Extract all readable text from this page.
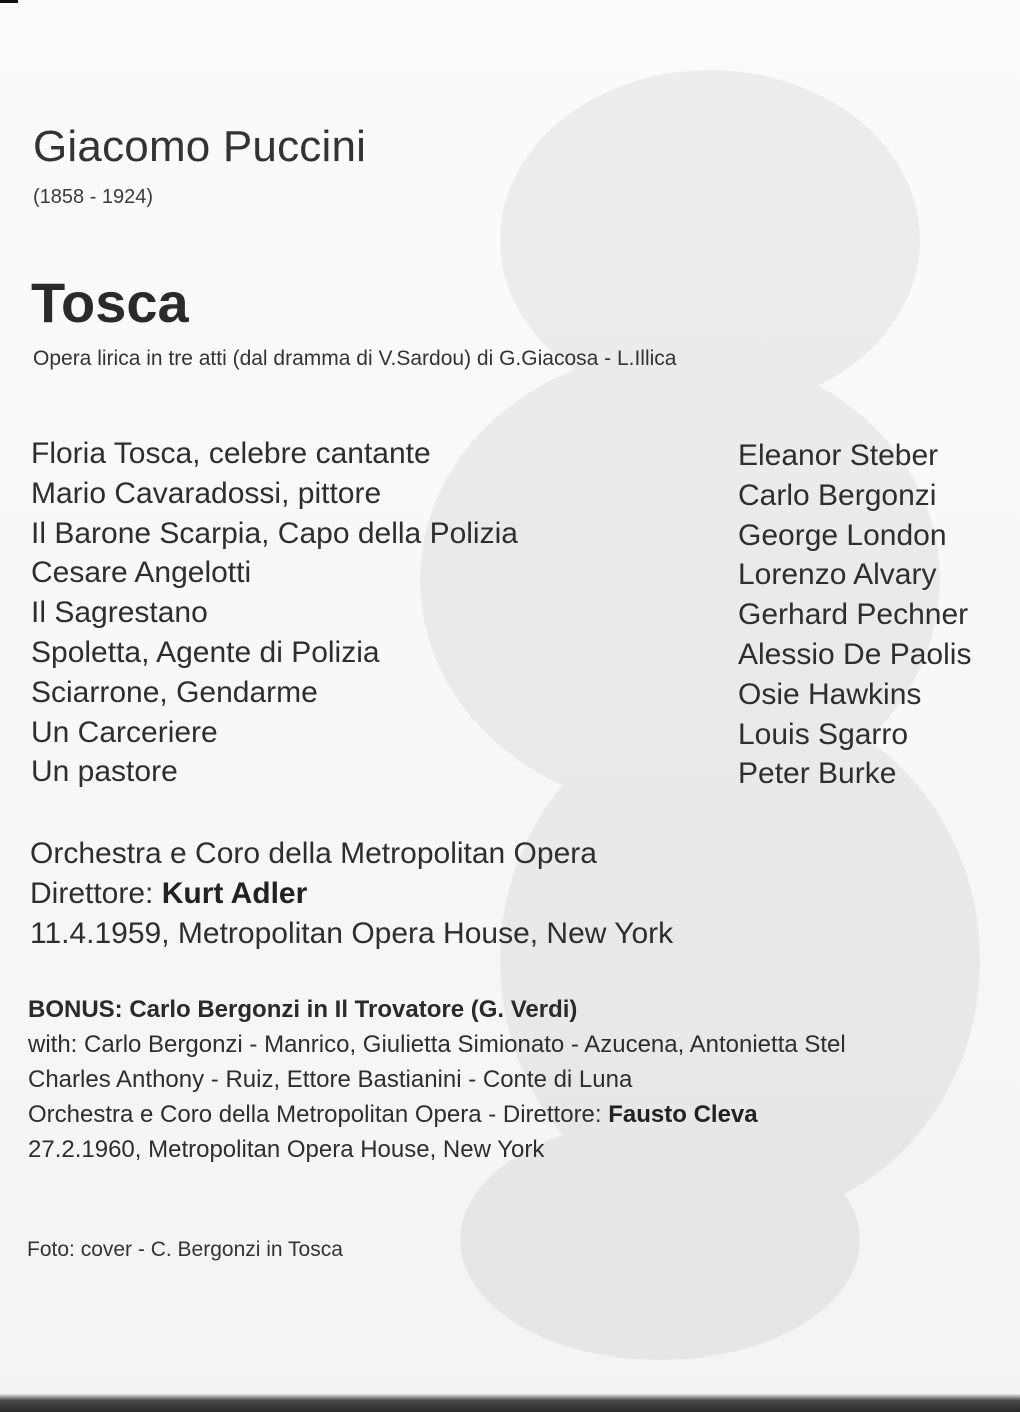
Giacomo Puccini
(1858 - 1924)
Tosca
Opera lirica in tre atti (dal dramma di V.Sardou) di G.Giacosa - L.Illica
Floria Tosca, celebre cantante
Mario Cavaradossi, pittore
Il Barone Scarpia, Capo della Polizia
Cesare Angelotti
Il Sagrestano
Spoletta, Agente di Polizia
Sciarrone, Gendarme
Un Carceriere
Un pastore
Eleanor Steber
Carlo Bergonzi
George London
Lorenzo Alvary
Gerhard Pechner
Alessio De Paolis
Osie Hawkins
Louis Sgarro
Peter Burke
Orchestra e Coro della Metropolitan Opera
Direttore: Kurt Adler
11.4.1959, Metropolitan Opera House, New York
BONUS: Carlo Bergonzi in Il Trovatore (G. Verdi)
with: Carlo Bergonzi - Manrico, Giulietta Simionato - Azucena, Antonietta Stel
Charles Anthony - Ruiz, Ettore Bastianini - Conte di Luna
Orchestra e Coro della Metropolitan Opera - Direttore: Fausto Cleva
27.2.1960, Metropolitan Opera House, New York
Foto: cover - C. Bergonzi in Tosca
